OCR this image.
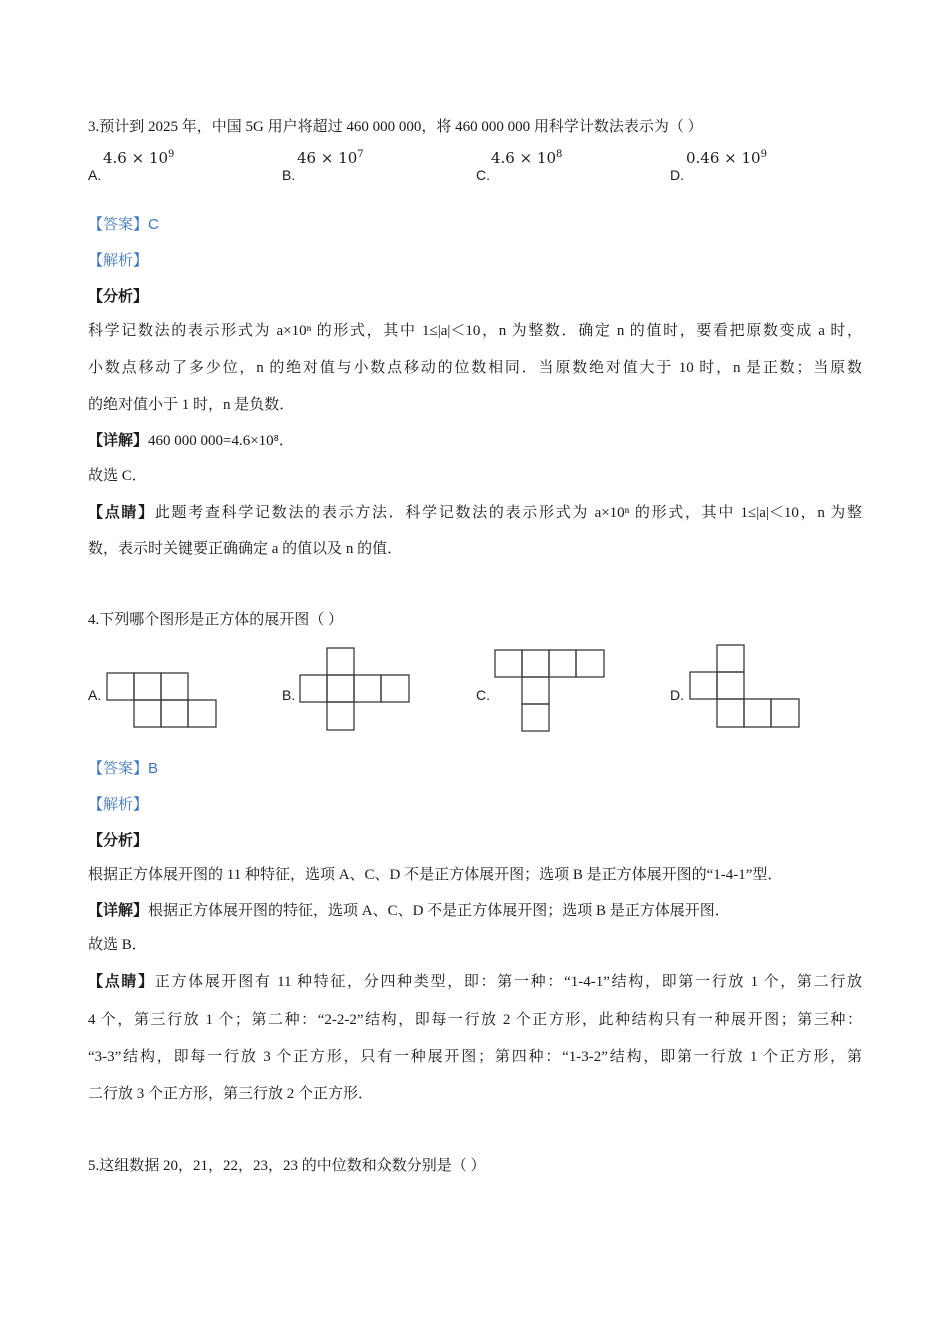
3.预计到 2025 年，中国 5G 用户将超过 460 000 000，将 460 000 000 用科学计数法表示为（ ）
$4.6 \times 10^9$
A.
$46 \times 10^7$
B.
$4.6 \times 10^8$
C.
$0.46 \times 10^9$
D.
【答案】C
【解析】
【分析】
科学记数法的表示形式为 a×10ⁿ 的形式，其中 1≤|a|＜10，n 为整数．确定 n 的值时，要看把原数变成 a 时，
小数点移动了多少位，n 的绝对值与小数点移动的位数相同．当原数绝对值大于 10 时，n 是正数；当原数
的绝对值小于 1 时，n 是负数．
【详解】460 000 000=4.6×10⁸．
故选 C．
【点睛】此题考查科学记数法的表示方法．科学记数法的表示形式为 a×10ⁿ 的形式，其中 1≤|a|＜10，n 为整
数，表示时关键要正确确定 a 的值以及 n 的值．
4.下列哪个图形是正方体的展开图（ ）
A.	B.	C.	D.
【答案】B
【解析】
【分析】
根据正方体展开图的 11 种特征，选项 A、C、D 不是正方体展开图；选项 B 是正方体展开图的“1-4-1”型．
【详解】根据正方体展开图的特征，选项 A、C、D 不是正方体展开图；选项 B 是正方体展开图．
故选 B．
【点睛】正方体展开图有 11 种特征，分四种类型，即：第一种：“1-4-1”结构，即第一行放 1 个，第二行放
4 个，第三行放 1 个；第二种：“2-2-2”结构，即每一行放 2 个正方形，此种结构只有一种展开图；第三种：
“3-3”结构，即每一行放 3 个正方形，只有一种展开图；第四种：“1-3-2”结构，即第一行放 1 个正方形，第
二行放 3 个正方形，第三行放 2 个正方形．
5.这组数据 20，21，22，23，23 的中位数和众数分别是（ ）
